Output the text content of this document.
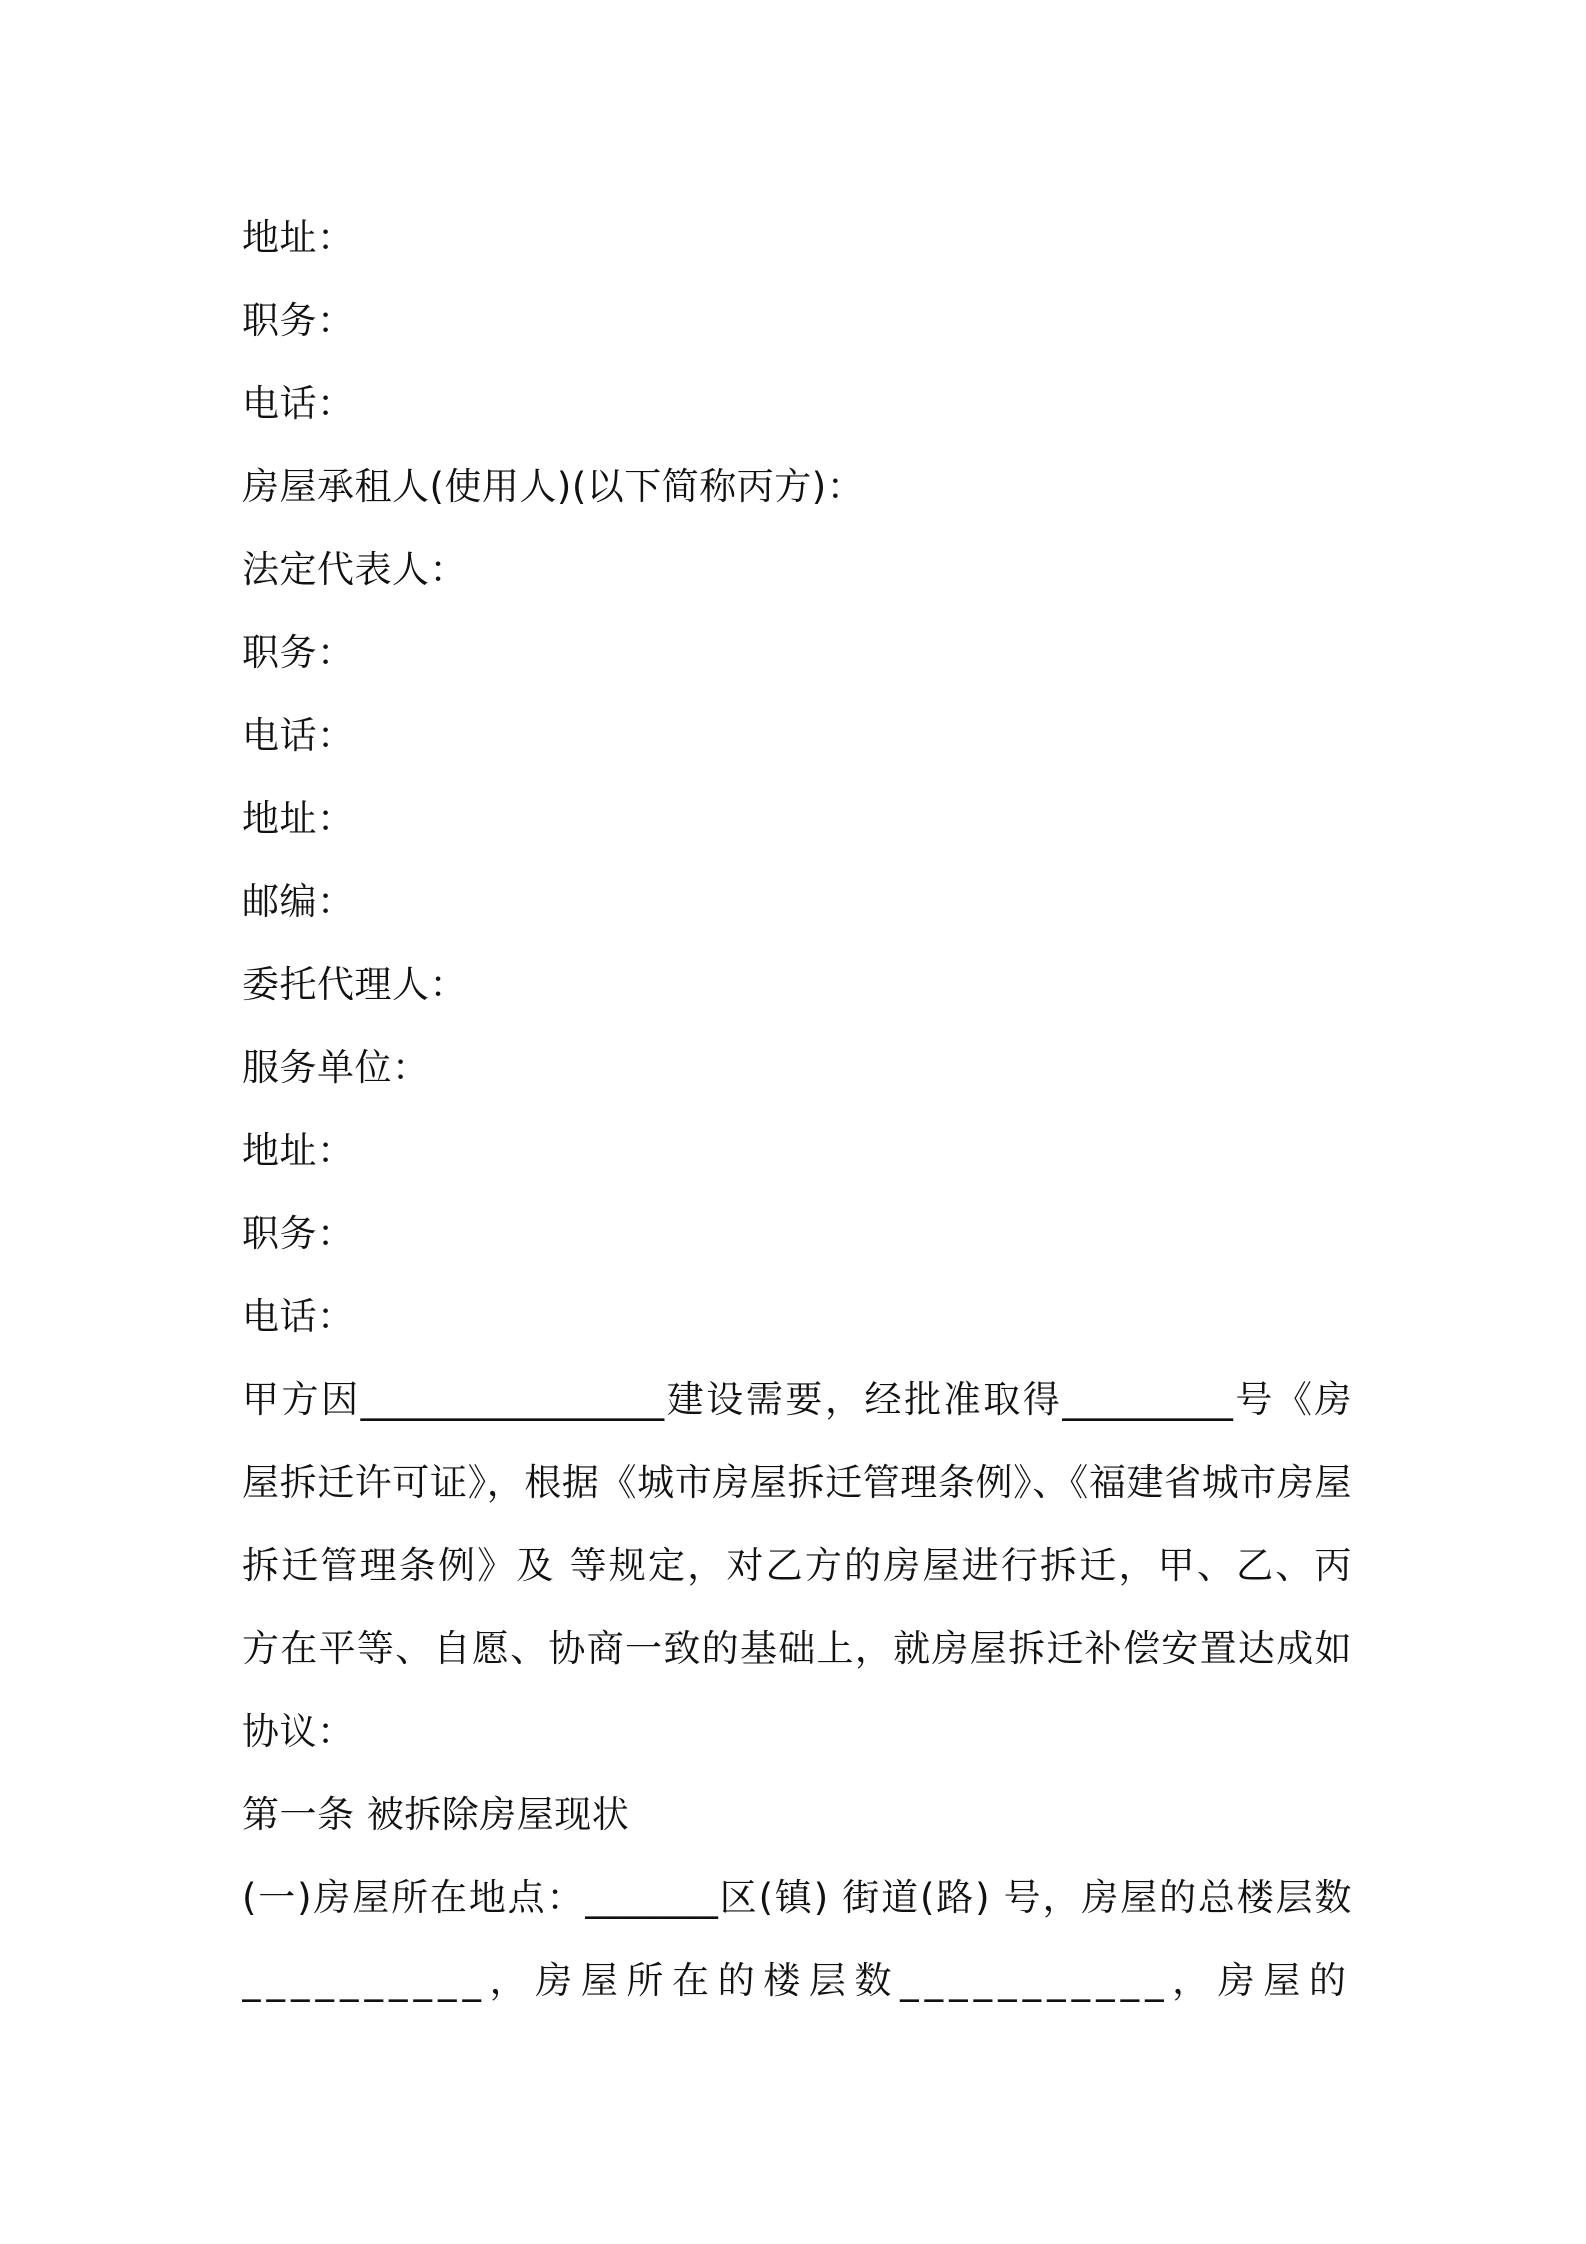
地址：
职务：
电话：
房屋承租人(使用人)(以下简称丙方)：
法定代表人：
职务：
电话：
地址：
邮编：
委托代理人：
服务单位：
地址：
职务：
电话：
甲方因________________建设需要，经批准取得_________号《房
屋拆迁许可证》，根据《城市房屋拆迁管理条例》、《福建省城市房屋
拆迁管理条例》及 等规定，对乙方的房屋进行拆迁，甲、乙、丙
方在平等、自愿、协商一致的基础上，就房屋拆迁补偿安置达成如
协议：
第一条 被拆除房屋现状
(一)房屋所在地点：_______区(镇) 街道(路) 号，房屋的总楼层数
__________，房屋所在的楼层数___________，房屋的
